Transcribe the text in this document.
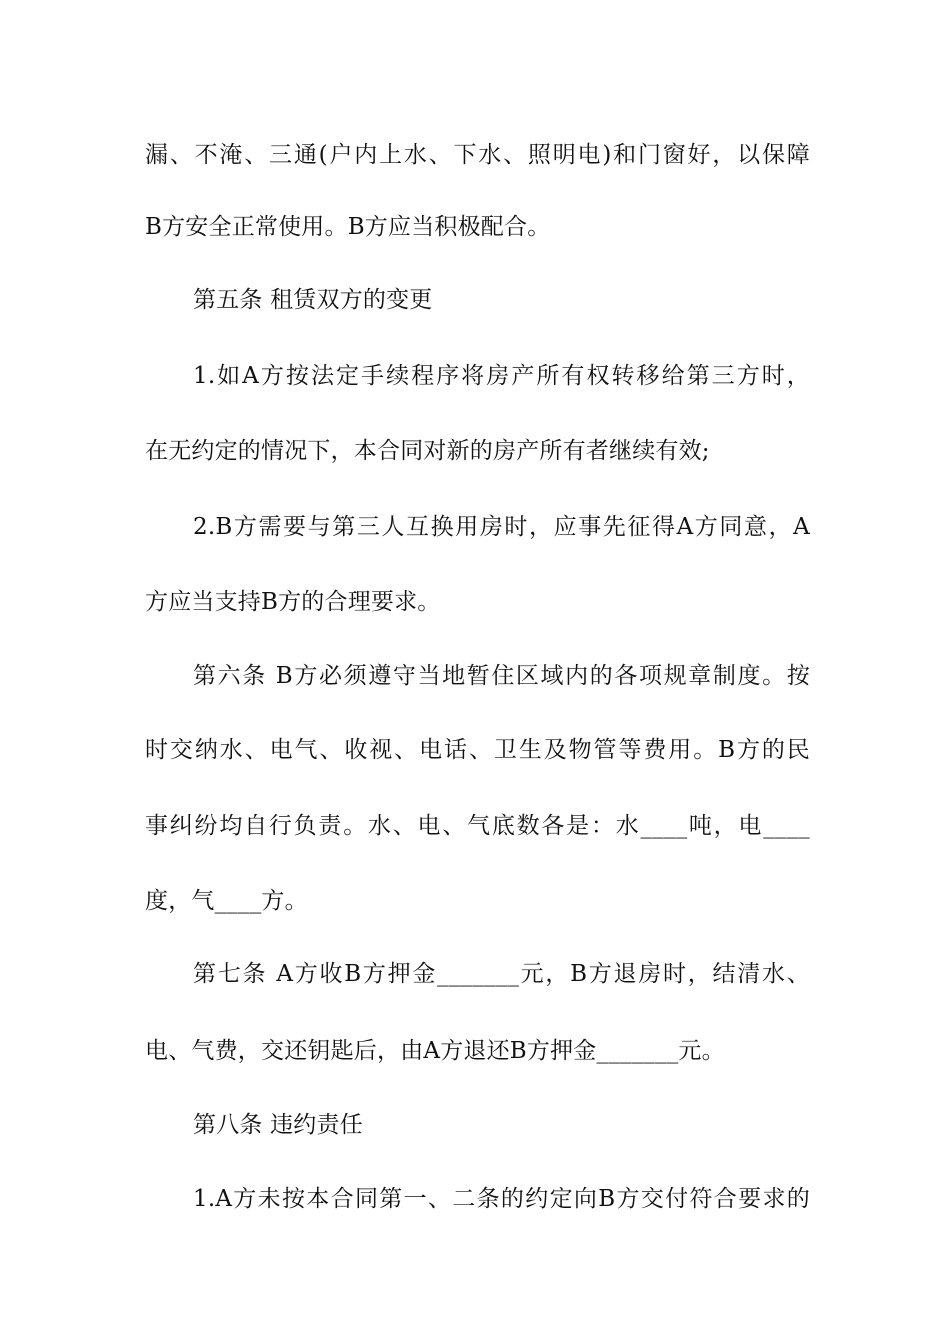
漏、不淹、三通(户内上水、下水、照明电)和门窗好，以保障
B方安全正常使用。B方应当积极配合。
第五条 租赁双方的变更
1.如A方按法定手续程序将房产所有权转移给第三方时，
在无约定的情况下，本合同对新的房产所有者继续有效;
2.B方需要与第三人互换用房时，应事先征得A方同意，A
方应当支持B方的合理要求。
第六条 B方必须遵守当地暂住区域内的各项规章制度。按
时交纳水、电气、收视、电话、卫生及物管等费用。B方的民
事纠纷均自行负责。水、电、气底数各是：水____吨，电____
度，气____方。
第七条 A方收B方押金_______元，B方退房时，结清水、
电、气费，交还钥匙后，由A方退还B方押金_______元。
第八条 违约责任
1.A方未按本合同第一、二条的约定向B方交付符合要求的
